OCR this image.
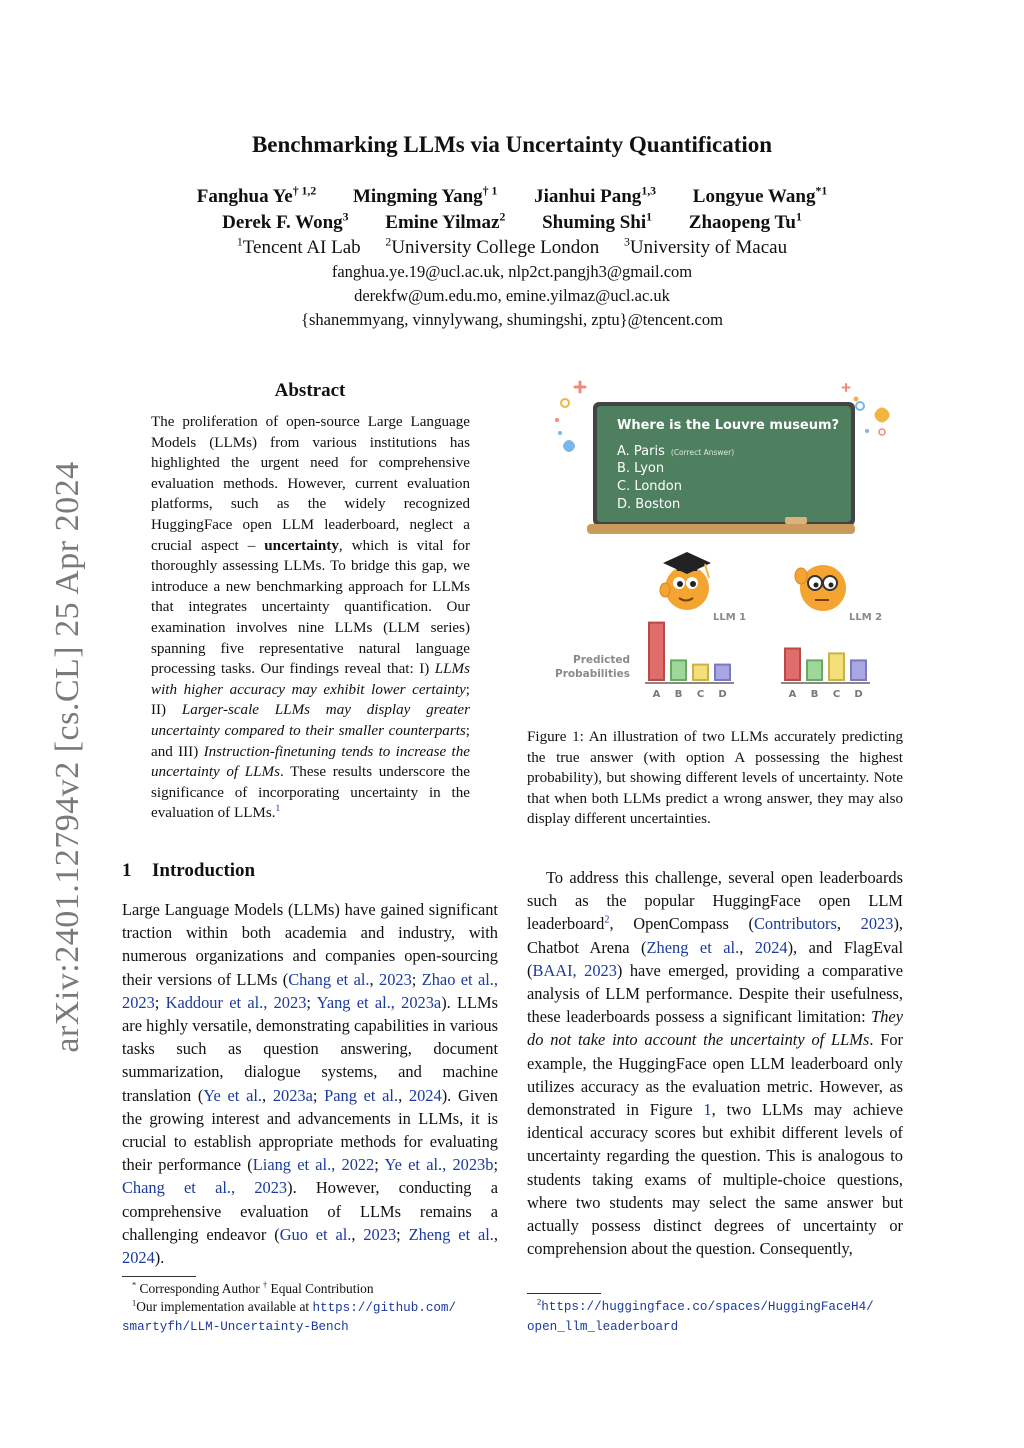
arXiv:2401.12794v2 [cs.CL] 25 Apr 2024
Benchmarking LLMs via Uncertainty Quantification
Fanghua Ye$^{\dagger 1,2}$ Mingming Yang$^{\dagger 1}$ Jianhui Pang$^{1,3}$ Longyue Wang$^{*1}$
Derek F. Wong$^3$ Emine Yilmaz$^2$ Shuming Shi$^1$ Zhaopeng Tu$^1$
$^1$Tencent AI Lab $^2$University College London $^3$University of Macau
fanghua.ye.19@ucl.ac.uk, nlp2ct.pangjh3@gmail.com
derekfw@um.edu.mo, emine.yilmaz@ucl.ac.uk
{shanemmyang, vinnylywang, shumingshi, zptu}@tencent.com
Abstract
The proliferation of open-source Large Language Models (LLMs) from various institutions has highlighted the urgent need for comprehensive evaluation methods. However, current evaluation platforms, such as the widely recognized HuggingFace open LLM leaderboard, neglect a crucial aspect – uncertainty, which is vital for thoroughly assessing LLMs. To bridge this gap, we introduce a new benchmarking approach for LLMs that integrates uncertainty quantification. Our examination involves nine LLMs (LLM series) spanning five representative natural language processing tasks. Our findings reveal that: I) LLMs with higher accuracy may exhibit lower certainty; II) Larger-scale LLMs may display greater uncertainty compared to their smaller counterparts; and III) Instruction-finetuning tends to increase the uncertainty of LLMs. These results underscore the significance of incorporating uncertainty in the evaluation of LLMs.$^1$
1 Introduction
Large Language Models (LLMs) have gained significant traction within both academia and industry, with numerous organizations and companies open-sourcing their versions of LLMs (Chang et al., 2023; Zhao et al., 2023; Kaddour et al., 2023; Yang et al., 2023a). LLMs are highly versatile, demonstrating capabilities in various tasks such as question answering, document summarization, dialogue systems, and machine translation (Ye et al., 2023a; Pang et al., 2024). Given the growing interest and advancements in LLMs, it is crucial to establish appropriate methods for evaluating their performance (Liang et al., 2022; Ye et al., 2023b; Chang et al., 2023). However, conducting a comprehensive evaluation of LLMs remains a challenging endeavor (Guo et al., 2023; Zheng et al., 2024).
* Corresponding Author † Equal Contribution
$^1$Our implementation available at https://github.com/
smartyfh/LLM-Uncertainty-Bench
Where is the Louvre museum?
A. Paris (Correct Answer)
B. Lyon
C. London
D. Boston
LLM 1	LLM 2
Predicted
Probabilities
A B C D	A B C D
Figure 1: An illustration of two LLMs accurately predicting the true answer (with option A possessing the highest probability), but showing different levels of uncertainty. Note that when both LLMs predict a wrong answer, they may also display different uncertainties.

To address this challenge, several open leaderboards such as the popular HuggingFace open LLM leaderboard$^2$, OpenCompass (Contributors, 2023), Chatbot Arena (Zheng et al., 2024), and FlagEval (BAAI, 2023) have emerged, providing a comparative analysis of LLM performance. Despite their usefulness, these leaderboards possess a significant limitation: They do not take into account the uncertainty of LLMs. For example, the HuggingFace open LLM leaderboard only utilizes accuracy as the evaluation metric. However, as demonstrated in Figure 1, two LLMs may achieve identical accuracy scores but exhibit different levels of uncertainty regarding the question. This is analogous to students taking exams of multiple-choice questions, where two students may select the same answer but actually possess distinct degrees of uncertainty or comprehension about the question. Consequently,

$^2$https://huggingface.co/spaces/HuggingFaceH4/
open_llm_leaderboard
